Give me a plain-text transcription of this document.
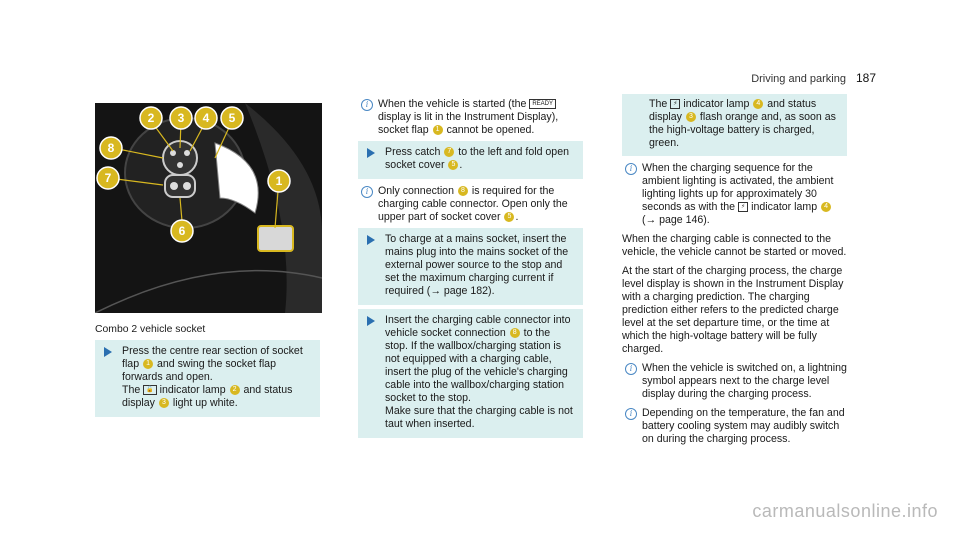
Driving and parking 187
2 3 4 5
8
7	1
6
Combo 2 vehicle socket
Press the centre rear section of socket flap 1 and swing the socket flap forwards and open.
The 🔓 indicator lamp 2 and status display 3 light up white.
i When the vehicle is started (the READY display is lit in the Instrument Display), socket flap 1 cannot be opened.
Press catch 7 to the left and fold open socket cover 5 .
i Only connection 8 is required for the charging cable connector. Open only the upper part of socket cover 5 .
To charge at a mains socket, insert the mains plug into the mains socket of the external power source to the stop and set the maximum charging current if required (→ page 182).
Insert the charging cable connector into vehicle socket connection 8 to the stop. If the wallbox/charging station is not equipped with a charging cable, insert the plug of the vehicle's charging cable into the wallbox/charging station socket to the stop.
Make sure that the charging cable is not taut when inserted.
The ⚡ indicator lamp 4 and status display 3 flash orange and, as soon as the high-voltage battery is charged, green.
i When the charging sequence for the ambient lighting is activated, the ambient lighting lights up for approximately 30 seconds as with the ⚡ indicator lamp 4 (→ page 146).
When the charging cable is connected to the vehicle, the vehicle cannot be started or moved.
At the start of the charging process, the charge level display is shown in the Instrument Display with a charging prediction. The charging prediction either refers to the predicted charge level at the set departure time, or the time at which the high-voltage battery will be fully charged.
i When the vehicle is switched on, a lightning symbol appears next to the charge level display during the charging process.
i Depending on the temperature, the fan and battery cooling system may audibly switch on during the charging process.
carmanualsonline.info
